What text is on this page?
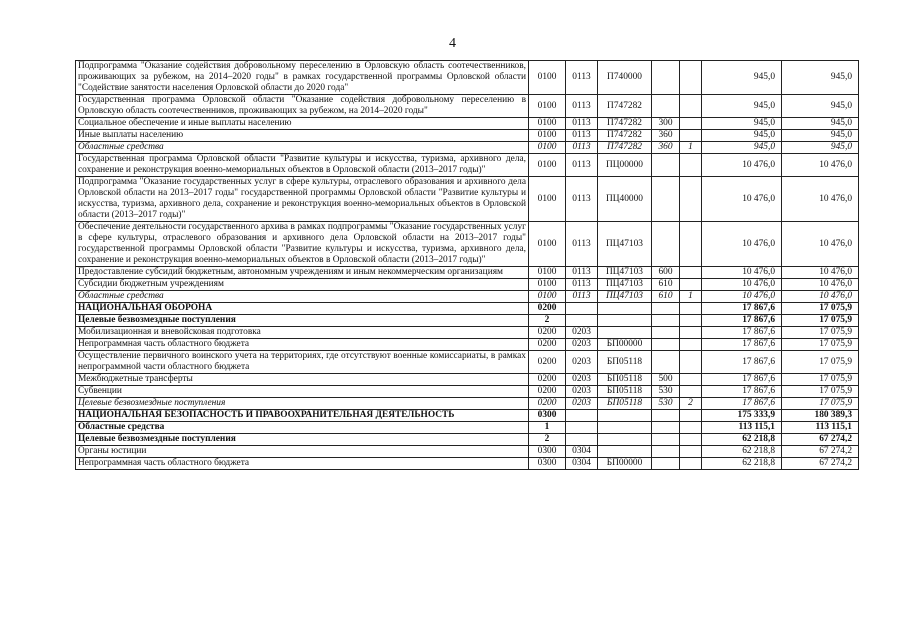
4
Подпрограмма "Оказание содействия добровольному переселению в Орловскую область соотечественников, проживающих за рубежом, на 2014–2020 годы" в рамках государственной программы Орловской области "Содействие занятости населения Орловской области до 2020 года"	0100	0113	П740000			945,0	945,0
Государственная программа Орловской области "Оказание содействия добровольному переселению в Орловскую область соотечественников, проживающих за рубежом, на 2014–2020 годы"	0100	0113	П747282			945,0	945,0
Социальное обеспечение и иные выплаты населению	0100	0113	П747282	300		945,0	945,0
Иные выплаты населению	0100	0113	П747282	360		945,0	945,0
Областные средства	0100	0113	П747282	360	1	945,0	945,0
Государственная программа Орловской области "Развитие культуры и искусства, туризма, архивного дела, сохранение и реконструкция военно-мемориальных объектов в Орловской области (2013–2017 годы)"	0100	0113	ПЦ00000			10 476,0	10 476,0
Подпрограмма "Оказание государственных услуг в сфере культуры, отраслевого образования и архивного дела Орловской области на 2013–2017 годы" государственной программы Орловской области "Развитие культуры и искусства, туризма, архивного дела, сохранение и реконструкция военно-мемориальных объектов в Орловской области (2013–2017 годы)"	0100	0113	ПЦ40000			10 476,0	10 476,0
Обеспечение деятельности государственного архива в рамках подпрограммы "Оказание государственных услуг в сфере культуры, отраслевого образования и архивного дела Орловской области на 2013–2017 годы" государственной программы Орловской области "Развитие культуры и искусства, туризма, архивного дела, сохранение и реконструкция военно-мемориальных объектов в Орловской области (2013–2017 годы)"	0100	0113	ПЦ47103			10 476,0	10 476,0
Предоставление субсидий бюджетным, автономным учреждениям и иным некоммерческим организациям	0100	0113	ПЦ47103	600		10 476,0	10 476,0
Субсидии бюджетным учреждениям	0100	0113	ПЦ47103	610		10 476,0	10 476,0
Областные средства	0100	0113	ПЦ47103	610	1	10 476,0	10 476,0
НАЦИОНАЛЬНАЯ ОБОРОНА	0200					17 867,6	17 075,9
Целевые безвозмездные поступления	2					17 867,6	17 075,9
Мобилизационная и вневойсковая подготовка	0200	0203				17 867,6	17 075,9
Непрограммная часть областного бюджета	0200	0203	БП00000			17 867,6	17 075,9
Осуществление первичного воинского учета на территориях, где отсутствуют военные комиссариаты, в рамках непрограммной части областного бюджета	0200	0203	БП05118			17 867,6	17 075,9
Межбюджетные трансферты	0200	0203	БП05118	500		17 867,6	17 075,9
Субвенции	0200	0203	БП05118	530		17 867,6	17 075,9
Целевые безвозмездные поступления	0200	0203	БП05118	530	2	17 867,6	17 075,9
НАЦИОНАЛЬНАЯ БЕЗОПАСНОСТЬ И ПРАВООХРАНИТЕЛЬНАЯ ДЕЯТЕЛЬНОСТЬ	0300					175 333,9	180 389,3
Областные средства	1					113 115,1	113 115,1
Целевые безвозмездные поступления	2					62 218,8	67 274,2
Органы юстиции	0300	0304				62 218,8	67 274,2
Непрограммная часть областного бюджета	0300	0304	БП00000			62 218,8	67 274,2
